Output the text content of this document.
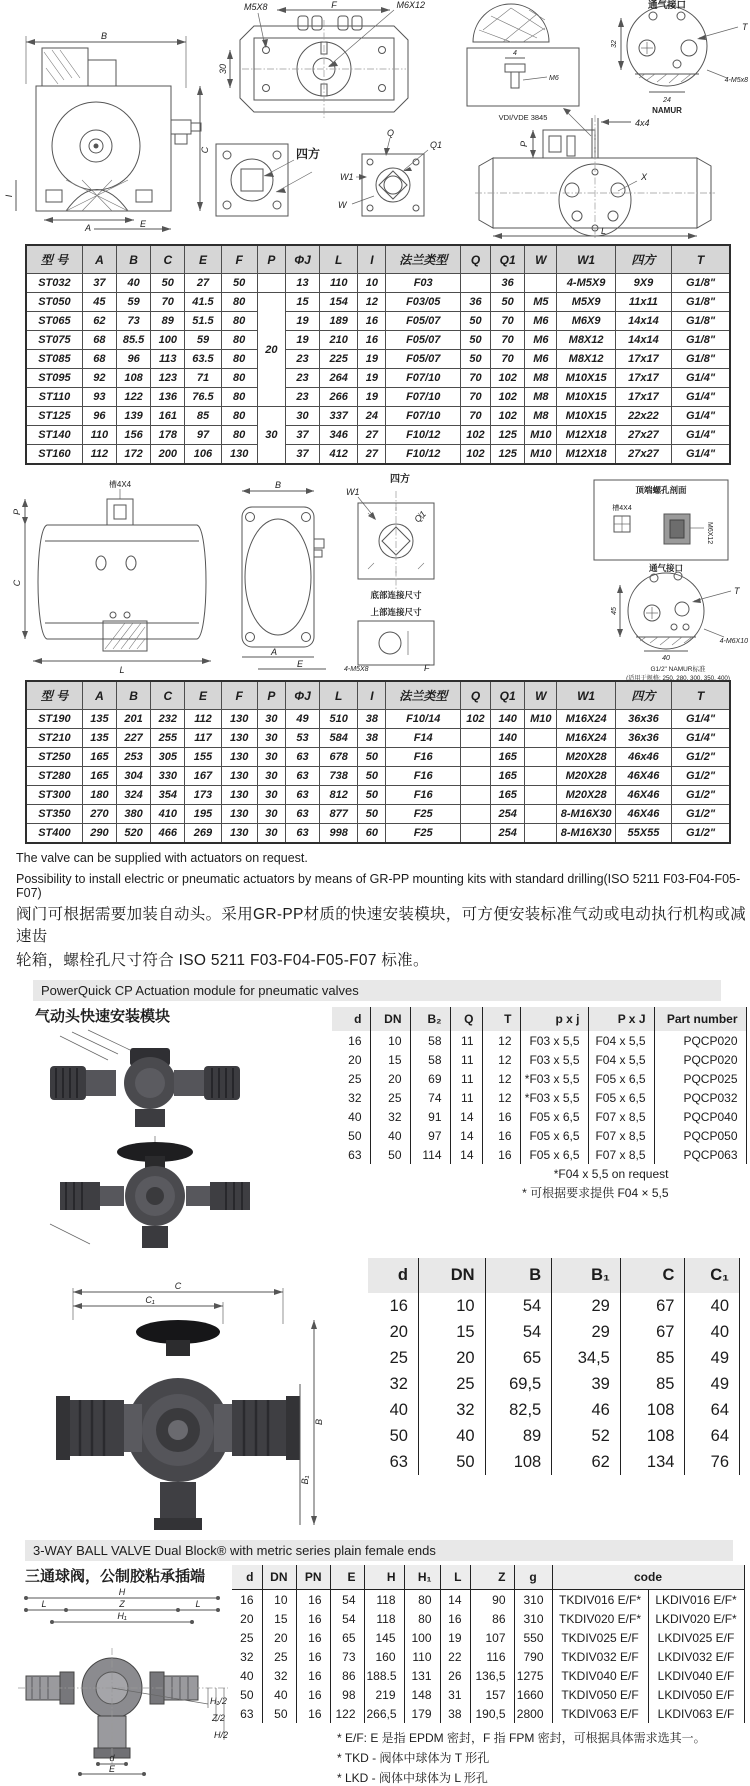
B
C
I
A	E
F
30
M5X8	M6X12
四方
Q
Q1
W1
W
4
M6
VDI/VDE 3845
通气接口
T
4-M5x8
32
24
NAMUR
4x4
P
X
L
型 号	A	B	C	E	F	P	ΦJ	L	I	法兰类型	Q	Q1	W	W1	四方	T
ST032	37	40	50	27	50		13	110	10	F03		36		4-M5X9	9X9	G1/8"
ST050	45	59	70	41.5	80	20	15	154	12	F03/05	36	50	M5	M5X9	11x11	G1/8"
ST065	62	73	89	51.5	80		19	189	16	F05/07	50	70	M6	M6X9	14x14	G1/8"
ST075	68	85.5	100	59	80		19	210	16	F05/07	50	70	M6	M8X12	14x14	G1/8"
ST085	68	96	113	63.5	80		23	225	19	F05/07	50	70	M6	M8X12	17x17	G1/8"
ST095	92	108	123	71	80		23	264	19	F07/10	70	102	M8	M10X15	17x17	G1/4"
ST110	93	122	136	76.5	80		23	266	19	F07/10	70	102	M8	M10X15	17x17	G1/4"
ST125	96	139	161	85	80	30	30	337	24	F07/10	70	102	M8	M10X15	22x22	G1/4"
ST140	110	156	178	97	80		37	346	27	F10/12	102	125	M10	M12X18	27x27	G1/4"
ST160	112	172	200	106	130		37	412	27	F10/12	102	125	M10	M12X18	27x27	G1/4"
槽4X4
P
C
L
B
A
E
四方
W1
Q1
底部连接尺寸
上部连接尺寸
4-M5X8	F
顶端螺孔剖面
槽4X4
M6X12
通气接口
T
4-M6X10
45
40
G1/2" NAMUR标准
(适用于规格: 250. 280. 300. 350. 400)
型 号	A	B	C	E	F	P	ΦJ	L	I	法兰类型	Q	Q1	W	W1	四方	T
ST190	135	201	232	112	130	30	49	510	38	F10/14	102	140	M10	M16X24	36x36	G1/4"
ST210	135	227	255	117	130	30	53	584	38	F14		140		M16X24	36x36	G1/4"
ST250	165	253	305	155	130	30	63	678	50	F16		165		M20X28	46x46	G1/2"
ST280	165	304	330	167	130	30	63	738	50	F16		165		M20X28	46X46	G1/2"
ST300	180	324	354	173	130	30	63	812	50	F16		165		M20X28	46X46	G1/2"
ST350	270	380	410	195	130	30	63	877	50	F25		254		8-M16X30	46X46	G1/2"
ST400	290	520	466	269	130	30	63	998	60	F25		254		8-M16X30	55X55	G1/2"

The valve can be supplied with actuators on request.

Possibility to install electric or pneumatic actuators by means of GR-PP mounting kits with standard drilling(ISO 5211 F03-F04-F05-F07)

阀门可根据需要加装自动头。采用GR-PP材质的快速安装模块，可方便安装标准气动或电动执行机构或减速齿

轮箱，螺栓孔尺寸符合 ISO 5211 F03-F04-F05-F07 标准。

PowerQuick CP Actuation module for pneumatic valves
气动头快速安装模块	d	DN	B₂	Q	T	p x j	P x J	Part number
16	10	58	11	12	F03 x 5,5	F04 x 5,5	PQCP020
20	15	58	11	12	F03 x 5,5	F04 x 5,5	PQCP020
25	20	69	11	12	*F03 x 5,5	F05 x 6,5	PQCP025
32	25	74	11	12	*F03 x 5,5	F05 x 6,5	PQCP032
40	32	91	14	16	F05 x 6,5	F07 x 8,5	PQCP040
50	40	97	14	16	F05 x 6,5	F07 x 8,5	PQCP050
63	50	114	14	16	F05 x 6,5	F07 x 8,5	PQCP063
*F04 x 5,5 on request
* 可根据要求提供 F04 × 5,5
C
C₁
B
B₁
d	DN	B	B₁	C	C₁
16	10	54	29	67	40
20	15	54	29	67	40
25	20	65	34,5	85	49
32	25	69,5	39	85	49
40	32	82,5	46	108	64
50	40	89	52	108	64
63	50	108	62	134	76
3-WAY BALL VALVE Dual Block® with metric series plain female ends
三通球阀，公制胶粘承插端
H
L	Z	L
H₁
H₁/2
Z/2
H/2
d
E
d	DN	PN	E	H	H₁	L	Z	g	code	
16	10	16	54	118	80	14	90	310	TKDIV016 E/F*	LKDIV016 E/F*
20	15	16	54	118	80	16	86	310	TKDIV020 E/F*	LKDIV020 E/F*
25	20	16	65	145	100	19	107	550	TKDIV025 E/F	LKDIV025 E/F
32	25	16	73	160	110	22	116	790	TKDIV032 E/F	LKDIV032 E/F
40	32	16	86	188.5	131	26	136,5	1275	TKDIV040 E/F	LKDIV040 E/F
50	40	16	98	219	148	31	157	1660	TKDIV050 E/F	LKDIV050 E/F
63	50	16	122	266,5	179	38	190,5	2800	TKDIV063 E/F	LKDIV063 E/F
* E/F: E 是指 EPDM 密封，F 指 FPM 密封，可根据具体需求选其一。
* TKD - 阀体中球体为 T 形孔
* LKD - 阀体中球体为 L 形孔
